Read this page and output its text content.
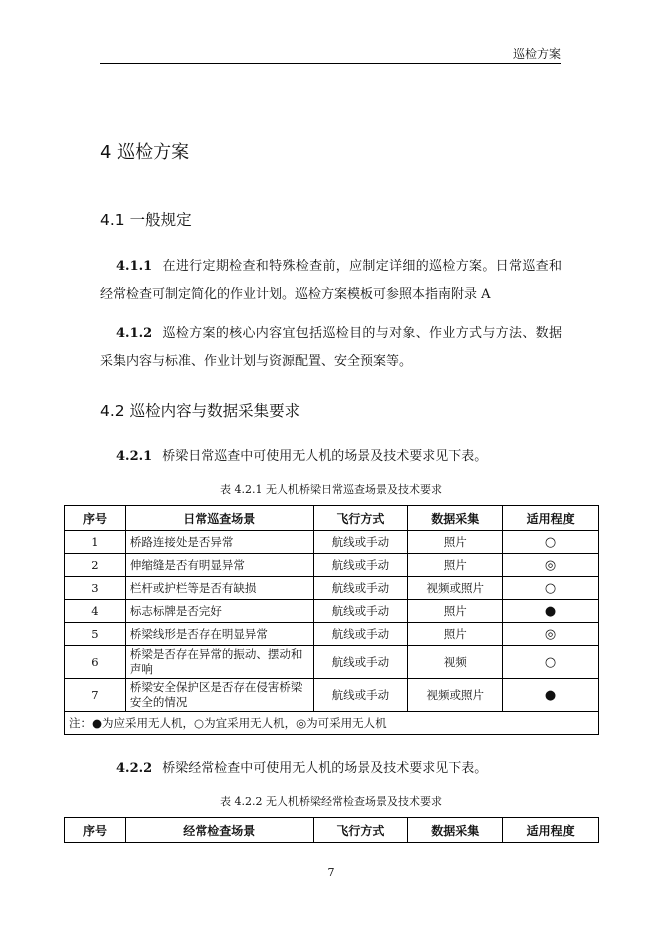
巡检方案
4 巡检方案
4.1 一般规定
4.1.1 在进行定期检查和特殊检查前，应制定详细的巡检方案。日常巡查和经常检查可制定简化的作业计划。巡检方案模板可参照本指南附录 A
4.1.2 巡检方案的核心内容宜包括巡检目的与对象、作业方式与方法、数据采集内容与标准、作业计划与资源配置、安全预案等。
4.2 巡检内容与数据采集要求
4.2.1 桥梁日常巡查中可使用无人机的场景及技术要求见下表。
表 4.2.1 无人机桥梁日常巡查场景及技术要求
序号	日常巡查场景	飞行方式	数据采集	适用程度
1	桥路连接处是否异常	航线或手动	照片	○
2	伸缩缝是否有明显异常	航线或手动	照片	◎
3	栏杆或护栏等是否有缺损	航线或手动	视频或照片	○
4	标志标牌是否完好	航线或手动	照片	●
5	桥梁线形是否存在明显异常	航线或手动	照片	◎
6	桥梁是否存在异常的振动、摆动和声响	航线或手动	视频	○
7	桥梁安全保护区是否存在侵害桥梁安全的情况	航线或手动	视频或照片	●
注：●为应采用无人机，○为宜采用无人机，◎为可采用无人机				
4.2.2 桥梁经常检查中可使用无人机的场景及技术要求见下表。
表 4.2.2 无人机桥梁经常检查场景及技术要求
序号	经常检查场景	飞行方式	数据采集	适用程度
7
